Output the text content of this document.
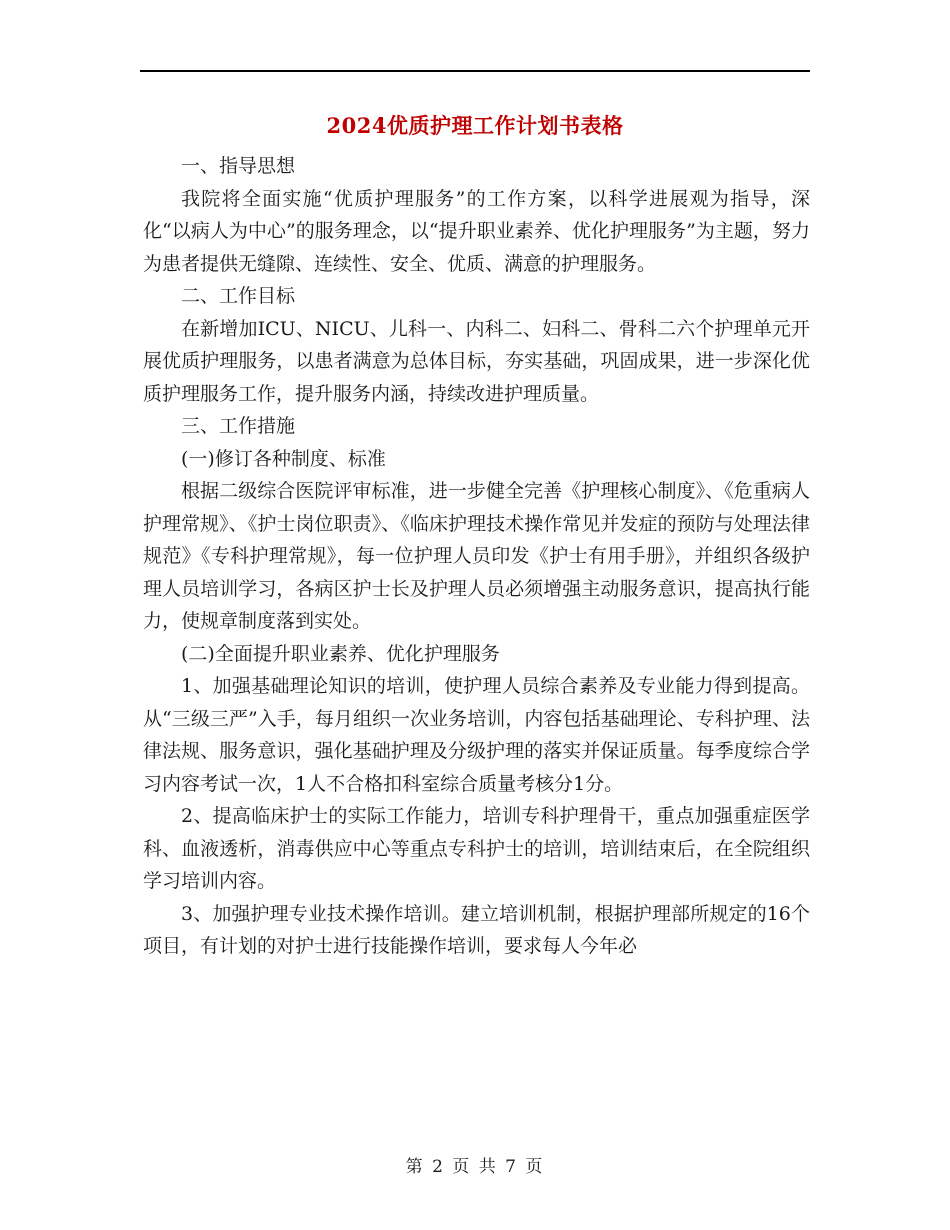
2024优质护理工作计划书表格

一、指导思想

我院将全面实施“优质护理服务”的工作方案，以科学进展观为指导，深化“以病人为中心”的服务理念，以“提升职业素养、优化护理服务”为主题，努力为患者提供无缝隙、连续性、安全、优质、满意的护理服务。

二、工作目标

在新增加ICU、NICU、儿科一、内科二、妇科二、骨科二六个护理单元开展优质护理服务，以患者满意为总体目标，夯实基础，巩固成果，进一步深化优质护理服务工作，提升服务内涵，持续改进护理质量。

三、工作措施

(一)修订各种制度、标准

根据二级综合医院评审标准，进一步健全完善《护理核心制度》、《危重病人护理常规》、《护士岗位职责》、《临床护理技术操作常见并发症的预防与处理法律规范》《专科护理常规》，每一位护理人员印发《护士有用手册》，并组织各级护理人员培训学习，各病区护士长及护理人员必须增强主动服务意识，提高执行能力，使规章制度落到实处。

(二)全面提升职业素养、优化护理服务

1、加强基础理论知识的培训，使护理人员综合素养及专业能力得到提高。从“三级三严”入手，每月组织一次业务培训，内容包括基础理论、专科护理、法律法规、服务意识，强化基础护理及分级护理的落实并保证质量。每季度综合学习内容考试一次，1人不合格扣科室综合质量考核分1分。

2、提高临床护士的实际工作能力，培训专科护理骨干，重点加强重症医学科、血液透析，消毒供应中心等重点专科护士的培训，培训结束后，在全院组织学习培训内容。

3、加强护理专业技术操作培训。建立培训机制，根据护理部所规定的16个项目，有计划的对护士进行技能操作培训，要求每人今年必

第 2 页 共 7 页
